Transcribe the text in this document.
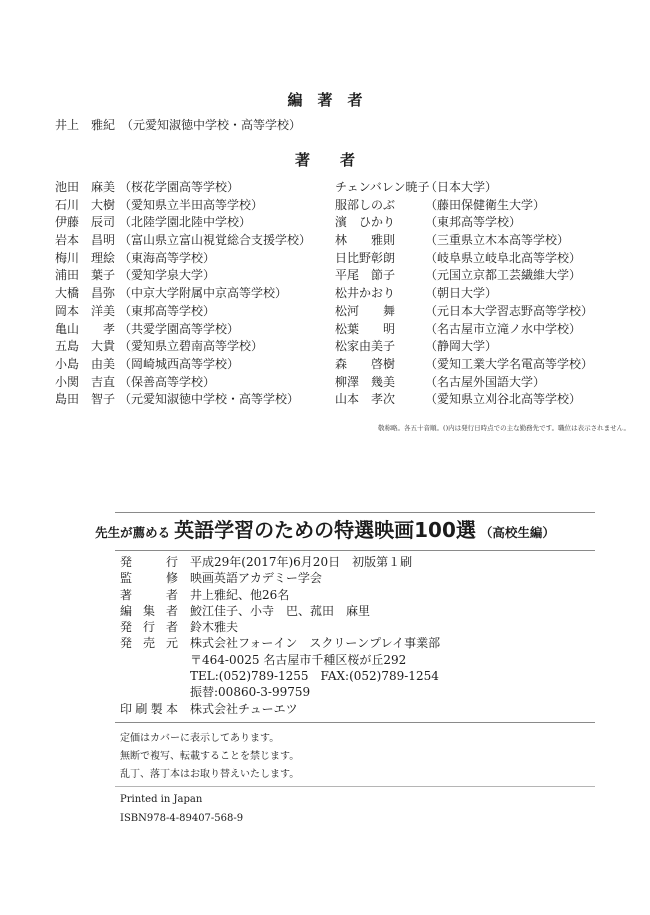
編　著　者
井上　雅紀 （元愛知淑徳中学校・高等学校）
著　　者
池田　麻美 （桜花学園高等学校）
石川　大樹 （愛知県立半田高等学校）
伊藤　辰司 （北陸学園北陸中学校）
岩本　昌明 （富山県立富山視覚総合支援学校）
梅川　理絵 （東海高等学校）
浦田　葉子 （愛知学泉大学）
大橋　昌弥 （中京大学附属中京高等学校）
岡本　洋美 （東邦高等学校）
亀山　　孝 （共愛学園高等学校）
五島　大貴 （愛知県立碧南高等学校）
小島　由美 （岡崎城西高等学校）
小関　吉直 （保善高等学校）
島田　智子 （元愛知淑徳中学校・高等学校）
チェンバレン暁子（日本大学）
服部しのぶ （藤田保健衛生大学）
濱　ひかり （東邦高等学校）
林　　雅則 （三重県立木本高等学校）
日比野彰朗 （岐阜県立岐阜北高等学校）
平尾　節子 （元国立京都工芸繊維大学）
松井かおり （朝日大学）
松河　　舞 （元日本大学習志野高等学校）
松葉　　明 （名古屋市立滝ノ水中学校）
松家由美子 （静岡大学）
森　　啓樹 （愛知工業大学名電高等学校）
柳澤　幾美 （名古屋外国語大学）
山本　孝次 （愛知県立刈谷北高等学校）
敬称略。各五十音順。()内は発行日時点での主な勤務先です。職位は表示されません。
先生が薦める 英語学習のための特選映画100選 （高校生編）
発　　行 平成29年(2017年)6月20日　初版第１刷
監　　修 映画英語アカデミー学会
著　　者 井上雅紀、他26名
編 集 者 鮫江佳子、小寺　巴、菰田　麻里
発 行 者 鈴木雅夫
発 売 元 株式会社フォーイン　スクリーンプレイ事業部
〒464-0025 名古屋市千種区桜が丘292
TEL:(052)789-1255　FAX:(052)789-1254
振替:00860-3-99759
印刷製本 株式会社チューエツ
定価はカバーに表示してあります。
無断で複写、転載することを禁じます。
乱丁、落丁本はお取り替えいたします。
Printed in Japan
ISBN978-4-89407-568-9
